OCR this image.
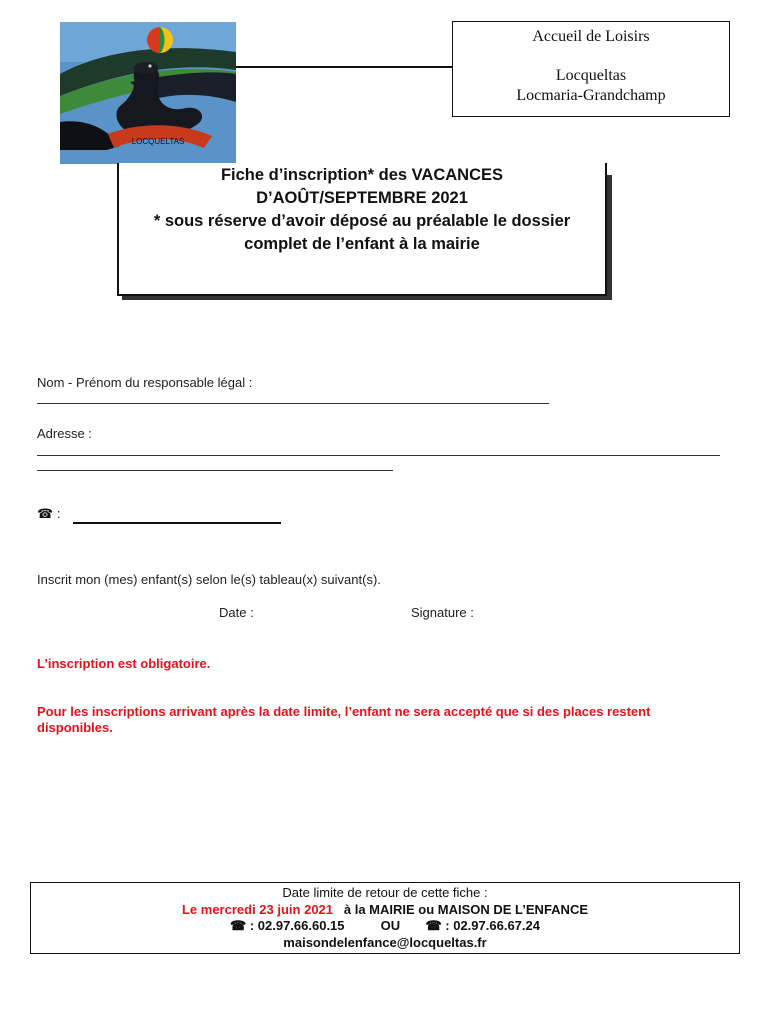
LOCQUELTAS
Accueil de Loisirs
Locqueltas
Locmaria-Grandchamp
Fiche d’inscription* des VACANCES
D’AOÛT/SEPTEMBRE 2021
* sous réserve d’avoir déposé au préalable le dossier
complet de l’enfant à la mairie
Nom - Prénom du responsable légal :
Adresse :
☎ :
Inscrit mon (mes) enfant(s) selon le(s) tableau(x) suivant(s).
Date :	Signature :
L’inscription est obligatoire.
Pour les inscriptions arrivant après la date limite, l’enfant ne sera accepté que si des places restent
disponibles.
Date limite de retour de cette fiche :
Le mercredi 23 juin 2021 à la MAIRIE ou MAISON DE L’ENFANCE
☎ : 02.97.66.60.15	OU ☎ : 02.97.66.67.24
maisondelenfance@locqueltas.fr
